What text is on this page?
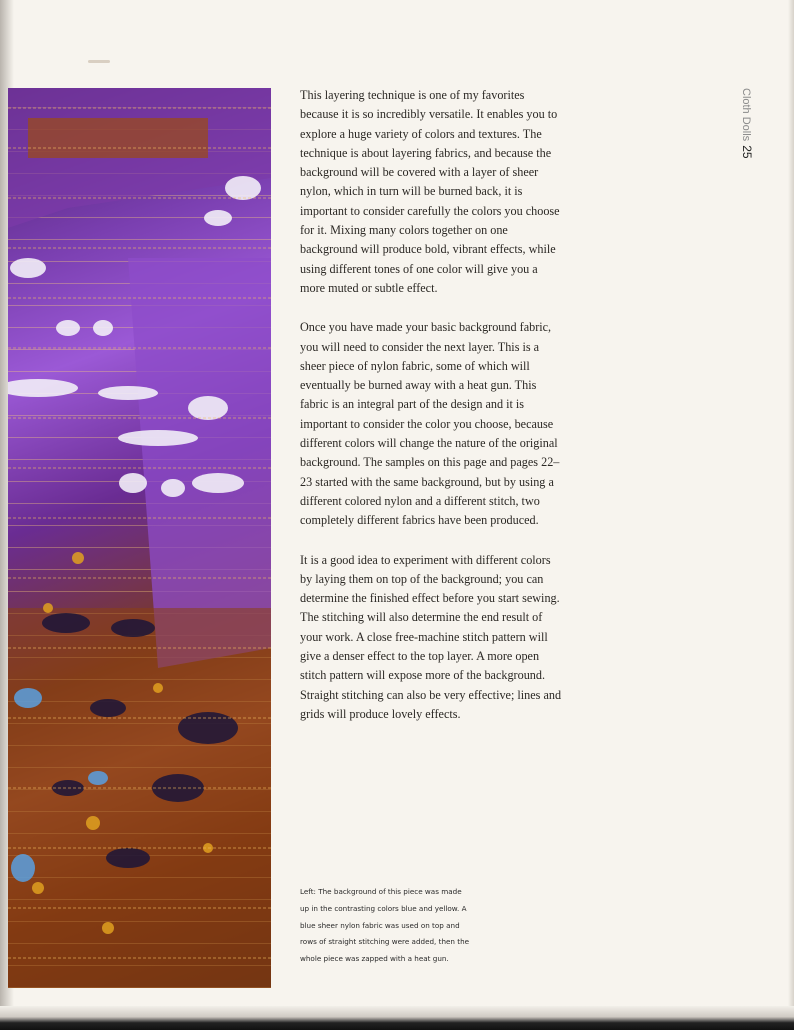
This layering technique is one of my favorites because it is so incredibly versatile. It enables you to explore a huge variety of colors and textures. The technique is about layering fabrics, and because the background will be covered with a layer of sheer nylon, which in turn will be burned back, it is important to consider carefully the colors you choose for it. Mixing many colors together on one background will produce bold, vibrant effects, while using different tones of one color will give you a more muted or subtle effect.

Once you have made your basic background fabric, you will need to consider the next layer. This is a sheer piece of nylon fabric, some of which will eventually be burned away with a heat gun. This fabric is an integral part of the design and it is important to consider the color you choose, because different colors will change the nature of the original background. The samples on this page and pages 22–23 started with the same background, but by using a different colored nylon and a different stitch, two completely different fabrics have been produced.

It is a good idea to experiment with different colors by laying them on top of the background; you can determine the finished effect before you start sewing. The stitching will also determine the end result of your work. A close free-machine stitch pattern will give a denser effect to the top layer. A more open stitch pattern will expose more of the background. Straight stitching can also be very effective; lines and grids will produce lovely effects.

Cloth Dolls25
Left: The background of this piece was made up in the contrasting colors blue and yellow. A blue sheer nylon fabric was used on top and rows of straight stitching were added, then the whole piece was zapped with a heat gun.
